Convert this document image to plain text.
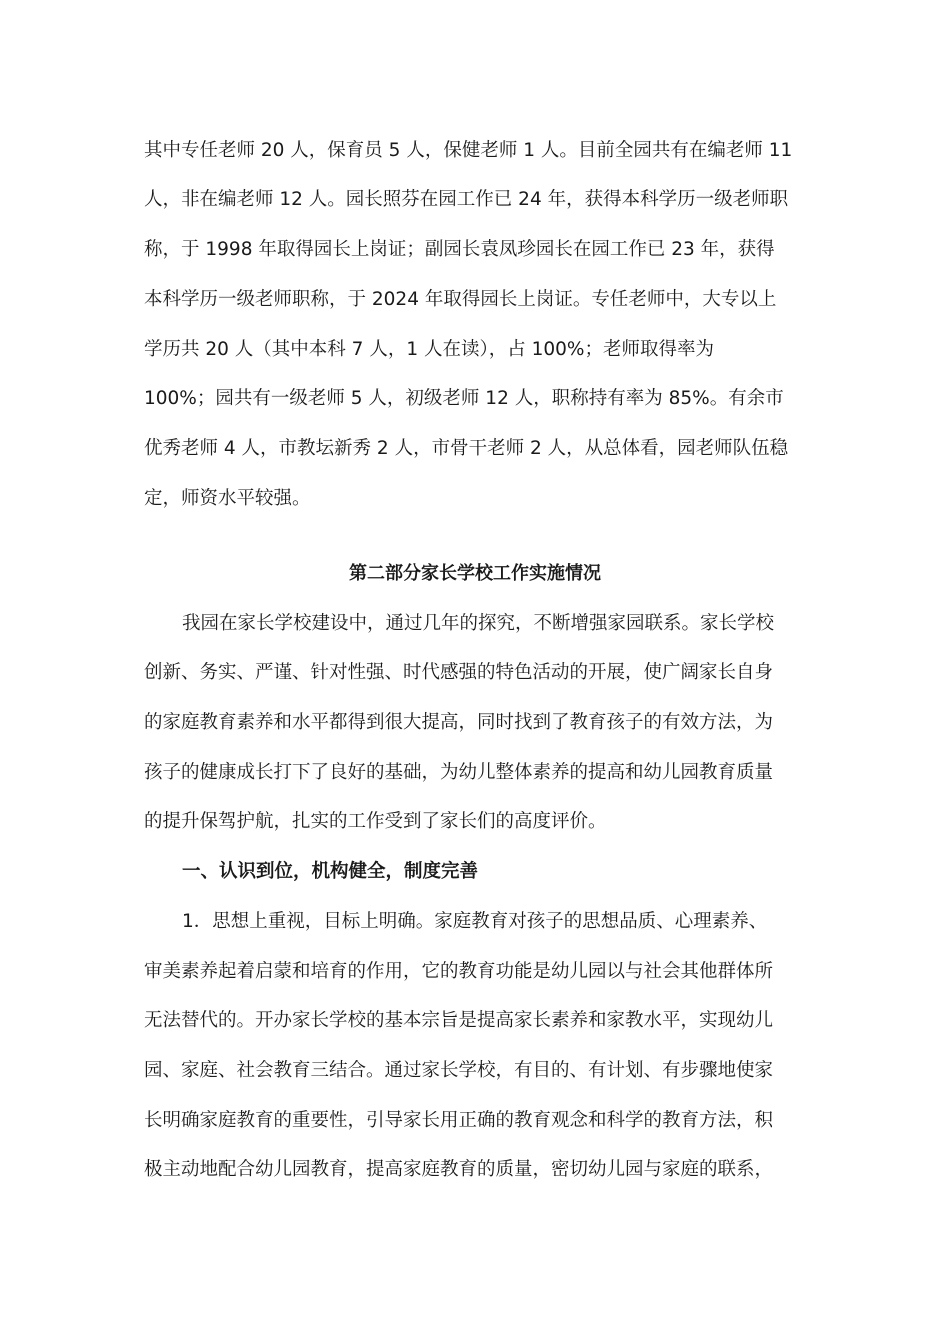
其中专任老师 20 人，保育员 5 人，保健老师 1 人。目前全园共有在编老师 11
人，非在编老师 12 人。园长照芬在园工作已 24 年，获得本科学历一级老师职
称，于 1998 年取得园长上岗证；副园长袁凤珍园长在园工作已 23 年，获得
本科学历一级老师职称，于 2024 年取得园长上岗证。专任老师中，大专以上
学历共 20 人（其中本科 7 人，1 人在读），占 100%；老师取得率为
100%；园共有一级老师 5 人，初级老师 12 人，职称持有率为 85%。有余市
优秀老师 4 人，市教坛新秀 2 人，市骨干老师 2 人，从总体看，园老师队伍稳
定，师资水平较强。
第二部分家长学校工作实施情况
我园在家长学校建设中，通过几年的探究，不断增强家园联系。家长学校
创新、务实、严谨、针对性强、时代感强的特色活动的开展，使广阔家长自身
的家庭教育素养和水平都得到很大提高，同时找到了教育孩子的有效方法，为
孩子的健康成长打下了良好的基础，为幼儿整体素养的提高和幼儿园教育质量
的提升保驾护航，扎实的工作受到了家长们的高度评价。
一、认识到位，机构健全，制度完善
1．思想上重视，目标上明确。家庭教育对孩子的思想品质、心理素养、
审美素养起着启蒙和培育的作用，它的教育功能是幼儿园以与社会其他群体所
无法替代的。开办家长学校的基本宗旨是提高家长素养和家教水平，实现幼儿
园、家庭、社会教育三结合。通过家长学校，有目的、有计划、有步骤地使家
长明确家庭教育的重要性，引导家长用正确的教育观念和科学的教育方法，积
极主动地配合幼儿园教育，提高家庭教育的质量，密切幼儿园与家庭的联系，
